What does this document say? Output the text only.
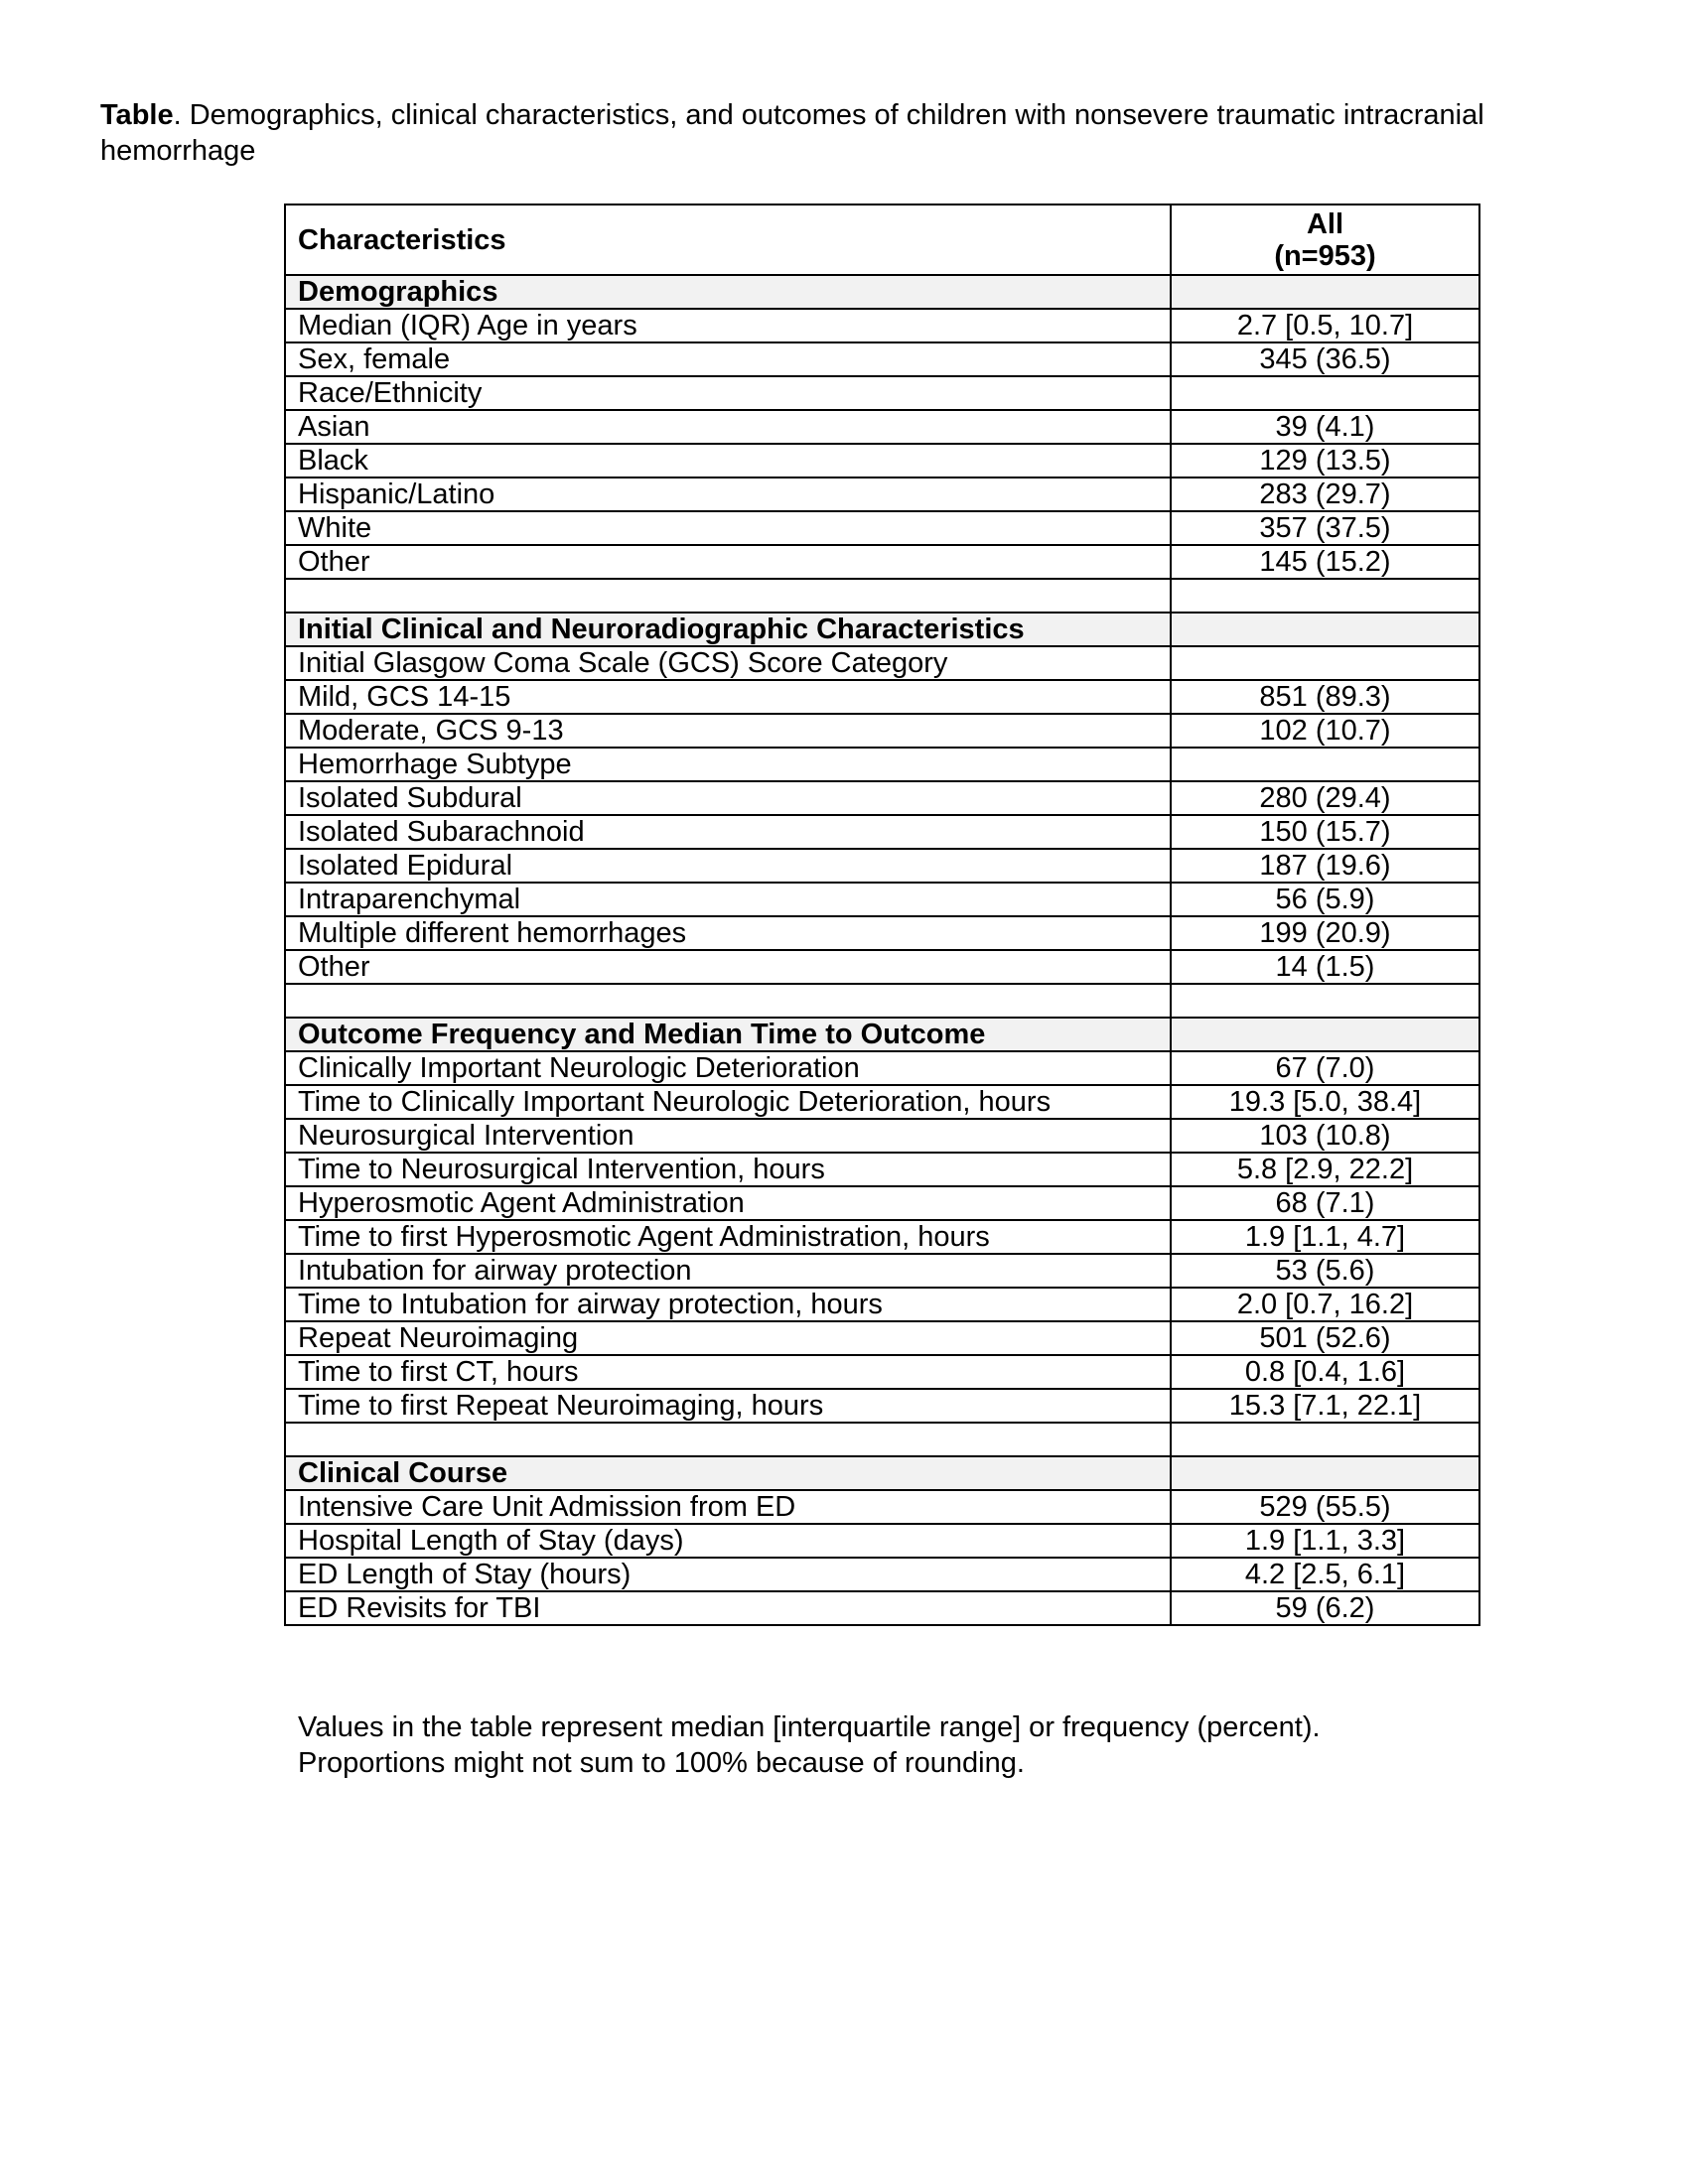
Table. Demographics, clinical characteristics, and outcomes of children with nonsevere traumatic intracranial hemorrhage
Characteristics	All
(n=953)

Demographics	
Median (IQR) Age in years	2.7 [0.5, 10.7]
Sex, female	345 (36.5)
Race/Ethnicity	
Asian	39 (4.1)
Black	129 (13.5)
Hispanic/Latino	283 (29.7)
White	357 (37.5)
Other	145 (15.2)

Initial Clinical and Neuroradiographic Characteristics	
Initial Glasgow Coma Scale (GCS) Score Category	
Mild, GCS 14-15	851 (89.3)
Moderate, GCS 9-13	102 (10.7)
Hemorrhage Subtype	
Isolated Subdural	280 (29.4)
Isolated Subarachnoid	150 (15.7)
Isolated Epidural	187 (19.6)
Intraparenchymal	56 (5.9)
Multiple different hemorrhages	199 (20.9)
Other	14 (1.5)

Outcome Frequency and Median Time to Outcome	
Clinically Important Neurologic Deterioration	67 (7.0)
Time to Clinically Important Neurologic Deterioration, hours	19.3 [5.0, 38.4]
Neurosurgical Intervention	103 (10.8)
Time to Neurosurgical Intervention, hours	5.8 [2.9, 22.2]
Hyperosmotic Agent Administration	68 (7.1)
Time to first Hyperosmotic Agent Administration, hours	1.9 [1.1, 4.7]
Intubation for airway protection	53 (5.6)
Time to Intubation for airway protection, hours	2.0 [0.7, 16.2]
Repeat Neuroimaging	501 (52.6)
Time to first CT, hours	0.8 [0.4, 1.6]
Time to first Repeat Neuroimaging, hours	15.3 [7.1, 22.1]

Clinical Course	
Intensive Care Unit Admission from ED	529 (55.5)
Hospital Length of Stay (days)	1.9 [1.1, 3.3]
ED Length of Stay (hours)	4.2 [2.5, 6.1]
ED Revisits for TBI	59 (6.2)
Values in the table represent median [interquartile range] or frequency (percent).
Proportions might not sum to 100% because of rounding.
